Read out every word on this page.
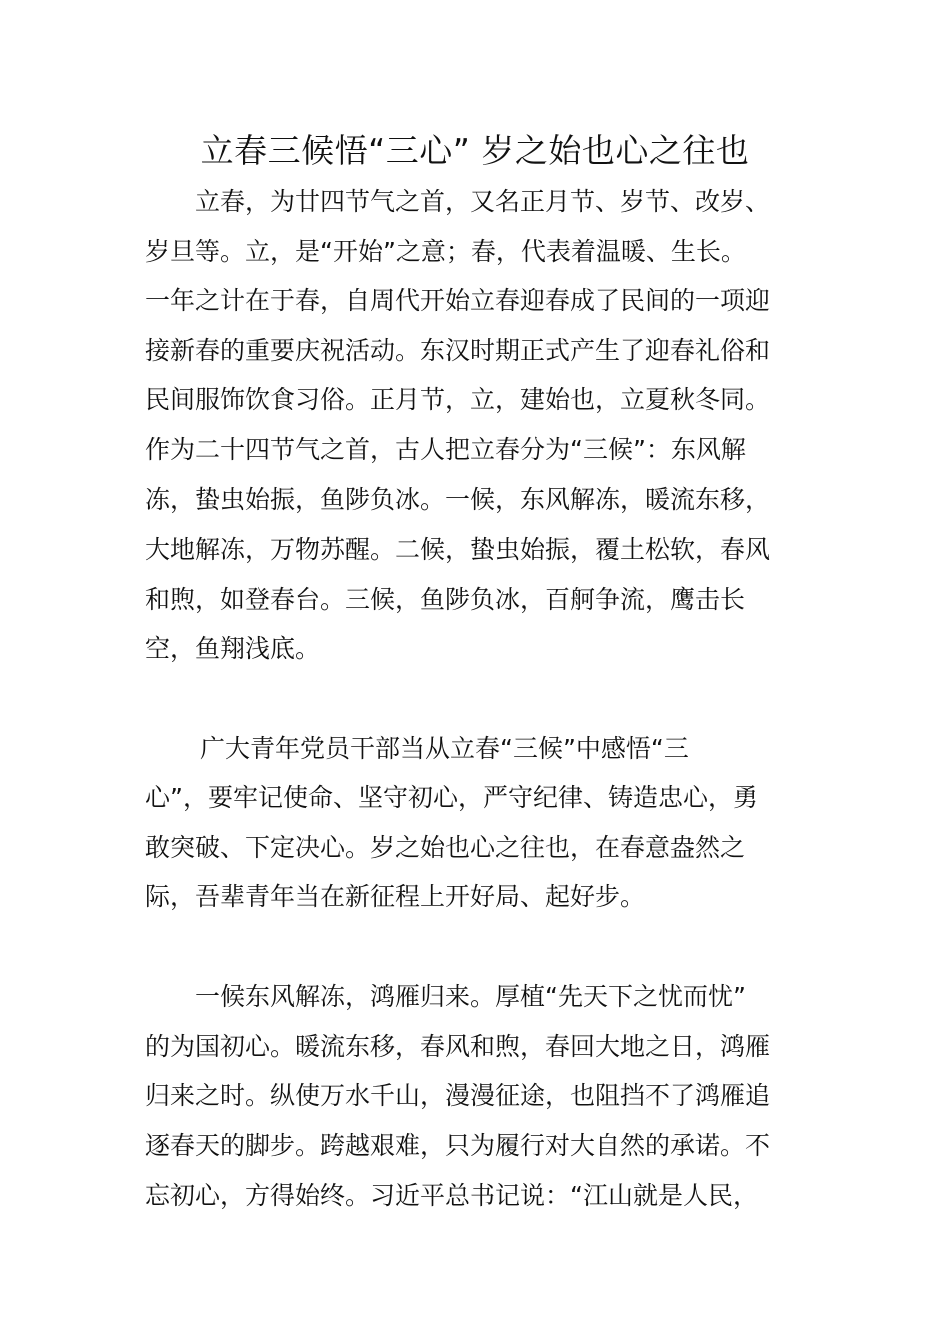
立春三候悟“三心” 岁之始也心之往也
立春，为廿四节气之首，又名正月节、岁节、改岁、
岁旦等。立，是“开始”之意；春，代表着温暖、生长。
一年之计在于春，自周代开始立春迎春成了民间的一项迎
接新春的重要庆祝活动。东汉时期正式产生了迎春礼俗和
民间服饰饮食习俗。正月节，立，建始也，立夏秋冬同。
作为二十四节气之首，古人把立春分为“三候”：东风解
冻，蛰虫始振，鱼陟负冰。一候，东风解冻，暖流东移，
大地解冻，万物苏醒。二候，蛰虫始振，覆土松软，春风
和煦，如登春台。三候，鱼陟负冰，百舸争流，鹰击长
空，鱼翔浅底。
广大青年党员干部当从立春“三候”中感悟“三
心”，要牢记使命、坚守初心，严守纪律、铸造忠心，勇
敢突破、下定决心。岁之始也心之往也，在春意盎然之
际，吾辈青年当在新征程上开好局、起好步。
一候东风解冻，鸿雁归来。厚植“先天下之忧而忧”
的为国初心。暖流东移，春风和煦，春回大地之日，鸿雁
归来之时。纵使万水千山，漫漫征途，也阻挡不了鸿雁追
逐春天的脚步。跨越艰难，只为履行对大自然的承诺。不
忘初心，方得始终。习近平总书记说：“江山就是人民，
